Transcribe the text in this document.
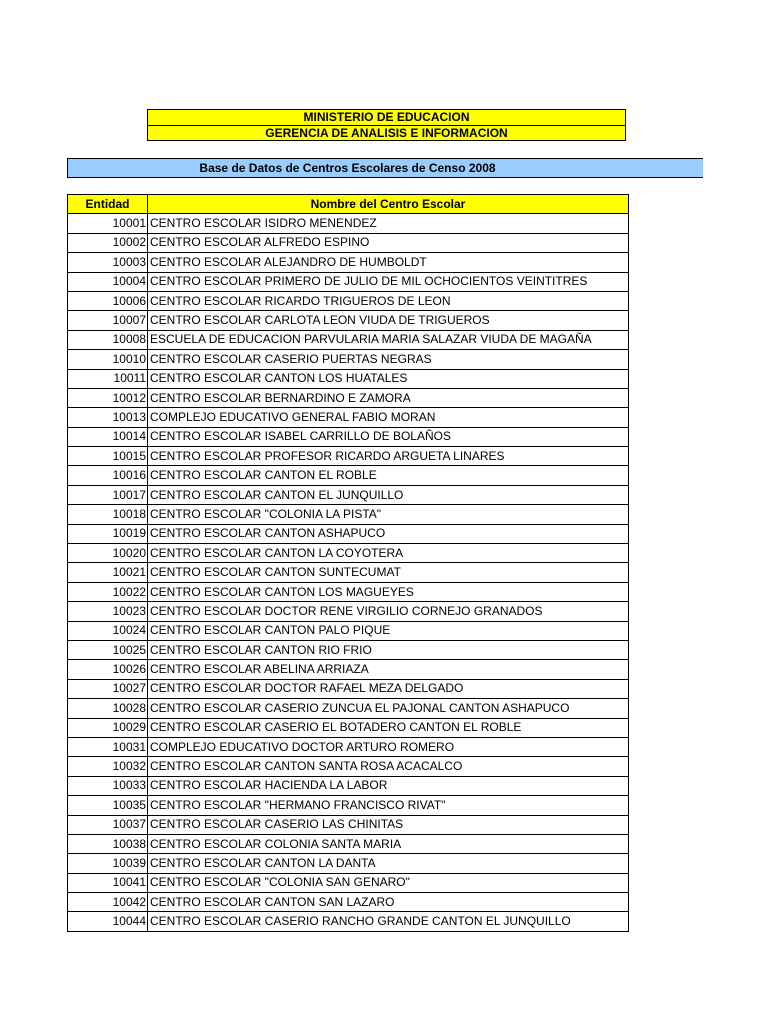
MINISTERIO DE EDUCACION
GERENCIA DE ANALISIS E INFORMACION
Base de Datos de Centros Escolares de Censo 2008
Entidad	Nombre del Centro Escolar
10001	CENTRO ESCOLAR ISIDRO MENENDEZ
10002	CENTRO ESCOLAR ALFREDO ESPINO
10003	CENTRO ESCOLAR ALEJANDRO DE HUMBOLDT
10004	CENTRO ESCOLAR PRIMERO DE JULIO DE MIL OCHOCIENTOS VEINTITRES
10006	CENTRO ESCOLAR RICARDO TRIGUEROS DE LEON
10007	CENTRO ESCOLAR CARLOTA LEON VIUDA DE TRIGUEROS
10008	ESCUELA DE EDUCACION PARVULARIA MARIA SALAZAR VIUDA DE MAGAÑA
10010	CENTRO ESCOLAR CASERIO PUERTAS NEGRAS
10011	CENTRO ESCOLAR CANTON LOS HUATALES
10012	CENTRO ESCOLAR BERNARDINO E ZAMORA
10013	COMPLEJO EDUCATIVO GENERAL FABIO MORAN
10014	CENTRO ESCOLAR ISABEL CARRILLO DE BOLAÑOS
10015	CENTRO ESCOLAR PROFESOR RICARDO ARGUETA LINARES
10016	CENTRO ESCOLAR CANTON EL ROBLE
10017	CENTRO ESCOLAR CANTON EL JUNQUILLO
10018	CENTRO ESCOLAR "COLONIA LA PISTA"
10019	CENTRO ESCOLAR CANTON ASHAPUCO
10020	CENTRO ESCOLAR CANTON LA COYOTERA
10021	CENTRO ESCOLAR CANTON SUNTECUMAT
10022	CENTRO ESCOLAR CANTON LOS MAGUEYES
10023	CENTRO ESCOLAR DOCTOR RENE VIRGILIO CORNEJO GRANADOS
10024	CENTRO ESCOLAR CANTON PALO PIQUE
10025	CENTRO ESCOLAR CANTON RIO FRIO
10026	CENTRO ESCOLAR ABELINA ARRIAZA
10027	CENTRO ESCOLAR DOCTOR RAFAEL MEZA DELGADO
10028	CENTRO ESCOLAR CASERIO ZUNCUA EL PAJONAL CANTON ASHAPUCO
10029	CENTRO ESCOLAR CASERIO EL BOTADERO CANTON EL ROBLE
10031	COMPLEJO EDUCATIVO DOCTOR ARTURO ROMERO
10032	CENTRO ESCOLAR CANTON SANTA ROSA ACACALCO
10033	CENTRO ESCOLAR HACIENDA LA LABOR
10035	CENTRO ESCOLAR "HERMANO FRANCISCO RIVAT"
10037	CENTRO ESCOLAR CASERIO LAS CHINITAS
10038	CENTRO ESCOLAR COLONIA SANTA MARIA
10039	CENTRO ESCOLAR CANTON LA DANTA
10041	CENTRO ESCOLAR "COLONIA SAN GENARO"
10042	CENTRO ESCOLAR CANTON SAN LAZARO
10044	CENTRO ESCOLAR CASERIO RANCHO GRANDE CANTON EL JUNQUILLO
